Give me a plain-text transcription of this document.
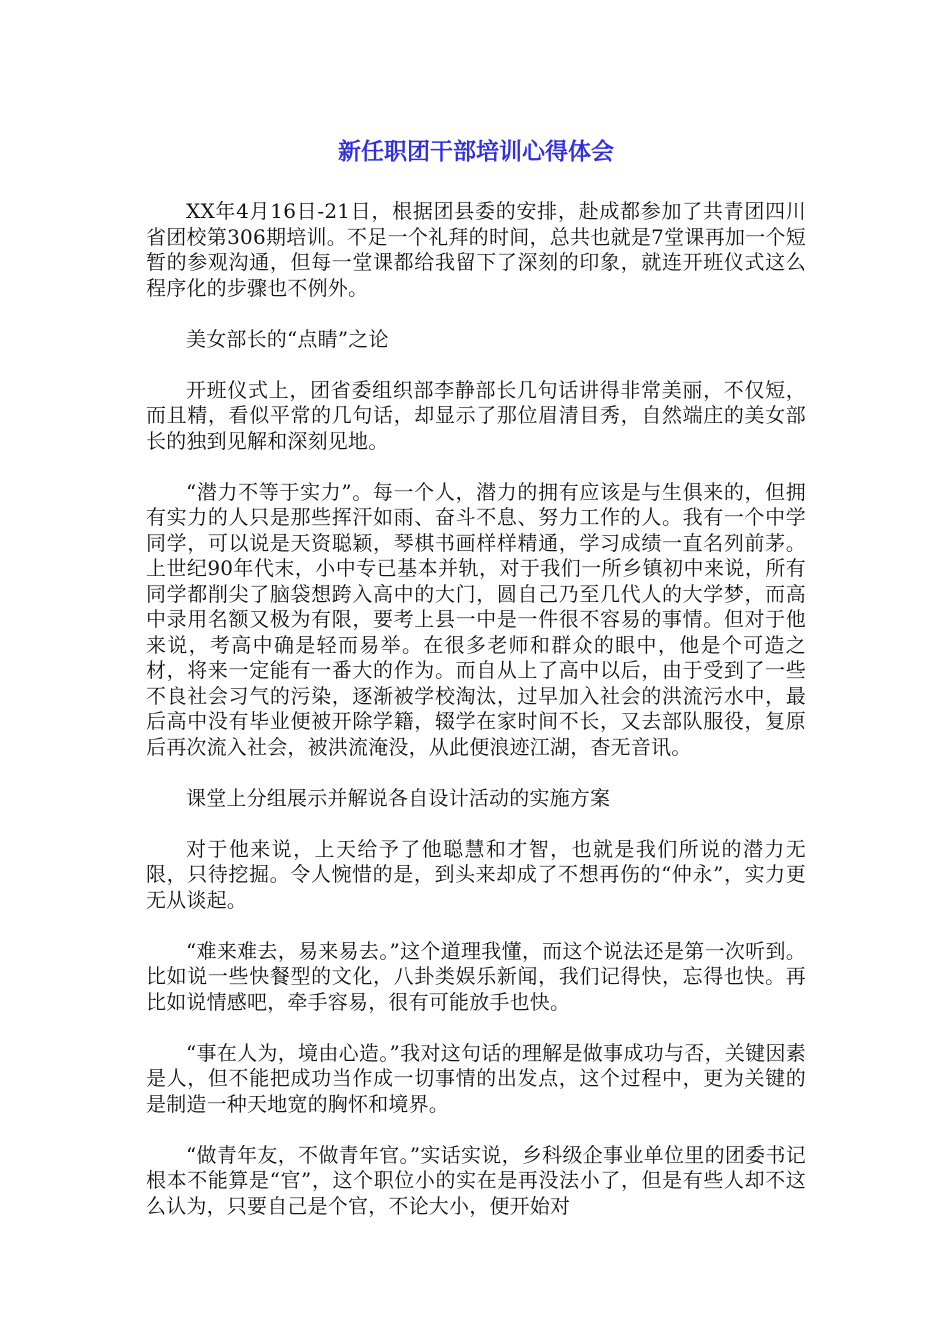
新任职团干部培训心得体会

XX年4月16日-21日，根据团县委的安排，赴成都参加了共青团四川省团校第306期培训。不足一个礼拜的时间，总共也就是7堂课再加一个短暂的参观沟通，但每一堂课都给我留下了深刻的印象，就连开班仪式这么程序化的步骤也不例外。

美女部长的“点睛”之论

开班仪式上，团省委组织部李静部长几句话讲得非常美丽，不仅短，而且精，看似平常的几句话，却显示了那位眉清目秀，自然端庄的美女部长的独到见解和深刻见地。

“潜力不等于实力”。每一个人，潜力的拥有应该是与生俱来的，但拥有实力的人只是那些挥汗如雨、奋斗不息、努力工作的人。我有一个中学同学，可以说是天资聪颖，琴棋书画样样精通，学习成绩一直名列前茅。上世纪90年代末，小中专已基本并轨，对于我们一所乡镇初中来说，所有同学都削尖了脑袋想跨入高中的大门，圆自己乃至几代人的大学梦，而高中录用名额又极为有限，要考上县一中是一件很不容易的事情。但对于他来说，考高中确是轻而易举。在很多老师和群众的眼中，他是个可造之材，将来一定能有一番大的作为。而自从上了高中以后，由于受到了一些不良社会习气的污染，逐渐被学校淘汰，过早加入社会的洪流污水中，最后高中没有毕业便被开除学籍，辍学在家时间不长，又去部队服役，复原后再次流入社会，被洪流淹没，从此便浪迹江湖，杳无音讯。

课堂上分组展示并解说各自设计活动的实施方案

对于他来说，上天给予了他聪慧和才智，也就是我们所说的潜力无限，只待挖掘。令人惋惜的是，到头来却成了不想再伤的“仲永”，实力更无从谈起。

“难来难去，易来易去。”这个道理我懂，而这个说法还是第一次听到。比如说一些快餐型的文化，八卦类娱乐新闻，我们记得快，忘得也快。再比如说情感吧，牵手容易，很有可能放手也快。

“事在人为，境由心造。”我对这句话的理解是做事成功与否，关键因素是人，但不能把成功当作成一切事情的出发点，这个过程中，更为关键的是制造一种天地宽的胸怀和境界。

“做青年友，不做青年官。”实话实说，乡科级企事业单位里的团委书记根本不能算是“官”，这个职位小的实在是再没法小了，但是有些人却不这么认为，只要自己是个官，不论大小，便开始对
